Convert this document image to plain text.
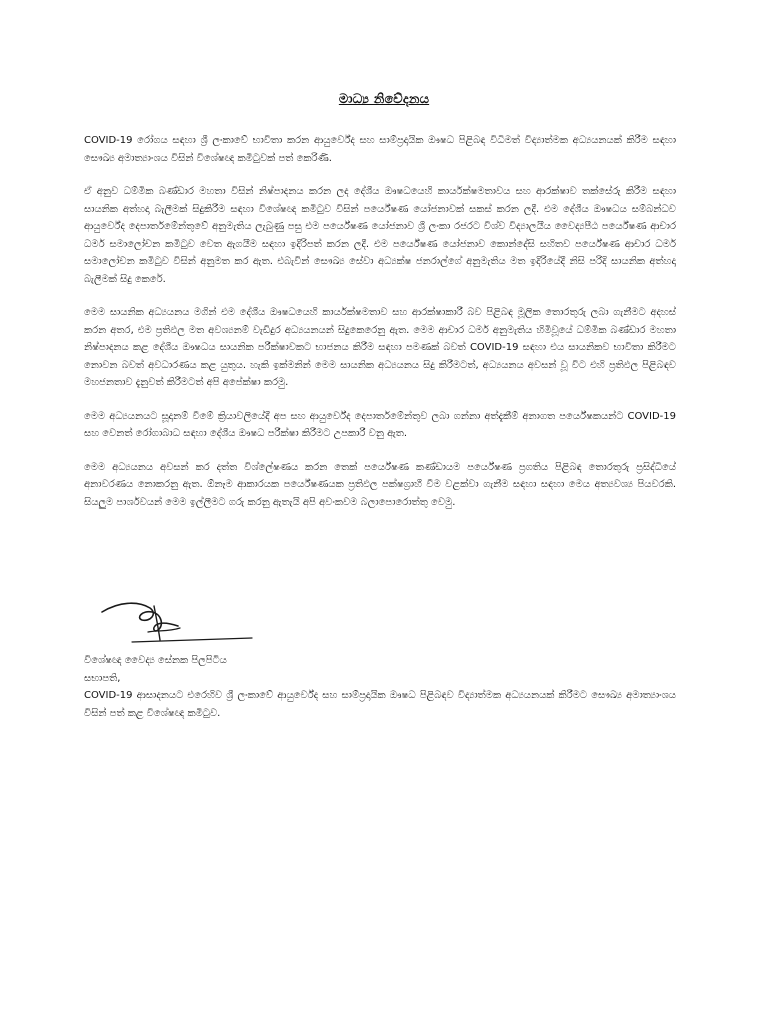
මාධ්‍ය නිවේදනය

COVID-19 රෝගය සඳහා ශ්‍රී ලංකාවේ භාවිතා කරන ආයුර්වේද සහ සාම්ප්‍රදායික ඖෂධ පිළිබඳ විධිමත් විද්‍යාත්මක අධ්‍යයනයක් කිරීම සඳහා සෞඛ්‍ය අමාත්‍යාංශය විසින් විශේෂඥ කමිටුවක් පත් කෙරිණි.

ඒ අනුව ධම්මික බණ්ඩාර මහතා විසින් නිෂ්පාදනය කරන ලද දේශීය ඖෂධයෙහි කාර්යක්ෂමතාවය සහ ආරක්ෂාව තක්සේරු කිරීම සඳහා සායනික අත්හදා බැලීමක් සිදුකිරීම සඳහා විශේෂඥ කමිටුව විසින් පර්යේෂණ යෝජනාවක් සකස් කරන ලදී. එම දේශීය ඖෂධය සම්බන්ධව ආයුර්වේද දෙපාර්තමේන්තුවේ අනුමැතිය ලැබුණු පසු එම පර්යේෂණ යෝජනාව ශ්‍රී ලංකා රජරට විශ්ව විද්‍යාලයීය වෛද්‍යපීඨ පර්යේෂණ ආචාර ධර්ම සමාලෝචන කමිටුව වෙත ඇගයීම සඳහා ඉදිරිපත් කරන ලදී. එම පර්යේෂණ යෝජනාව කොන්දේසි සහිතව පර්යේෂණ ආචාර ධර්ම සමාලෝචන කමිටුව විසින් අනුමත කර ඇත. එබැවින් සෞඛ්‍ය සේවා අධ්‍යක්ෂ ජනරාල්ගේ අනුමැතිය මත ඉදිරියේදී නිසි පරිදි සායනික අත්හදා බැලීමක් සිදු කෙරේ.

මෙම සායනික අධ්‍යයනය මගින් එම දේශීය ඖෂධයෙහි කාර්යක්ෂමතාව සහ ආරක්ෂාකාරී බව පිළිබඳ මූලික තොරතුරු ලබා ගැනීමට අදහස් කරන අතර, එම ප්‍රතිඵල මත අවශ්‍යනම් වැඩිදුර අධ්‍යයනයන් සිදුකෙරෙනු ඇත. මෙම ආචාර ධර්ම අනුමැතිය හිමිවූයේ ධම්මික බණ්ඩාර මහතා නිෂ්පාදනය කළ දේශීය ඖෂධය සායනික පරීක්ෂාවකට භාජනය කිරීම සඳහා පමණක් බවත් COVID-19 සඳහා එය සායනිකව භාවිතා කිරීමට නොවන බවත් අවධාරණය කළ යුතුය. හැකි ඉක්මනින් මෙම සායනික අධ්‍යයනය සිදු කිරීමටත්, අධ්‍යයනය අවසන් වූ විට එහි ප්‍රතිඵල පිළිබඳව මහජනතාව දැනුවත් කිරීමටත් අපි අපේක්ෂා කරමු.

මෙම අධ්‍යයනයට සූදානම් වීමේ ක්‍රියාවලියේදී අප සහ ආයුර්වේද දෙපාර්තමේන්තුව ලබා ගන්නා අත්දැකීම් අනාගත පර්යේෂකයන්ට COVID-19 සහ වෙනත් රෝගාබාධ සඳහා දේශීය ඖෂධ පරීක්ෂා කිරීමට උපකාරී වනු ඇත.

මෙම අධ්‍යයනය අවසන් කර දත්ත විශ්ලේෂණය කරන තෙක් පර්යේෂණ කණ්ඩායම පර්යේෂණ ප්‍රගතිය පිළිබඳ තොරතුරු ප්‍රසිද්ධියේ අනාවරණය නොකරනු ඇත. ඕනෑම ආකාරයක පර්යේෂණයක ප්‍රතිඵල පක්ෂග්‍රාහී වීම වළක්වා ගැනීම සඳහා සඳහා මෙය අත්‍යවශ්‍ය පියවරකි. සියලුම පාර්ශවයන් මෙම ඉල්ලීමට ගරු කරනු ඇතැයි අපි අවංකවම බලාපොරොත්තු වෙමු.

විශේෂඥ වෛද්‍ය සේනක පිලපිටිය

සභාපති,

COVID-19 ආසාදනයට එරෙහිව ශ්‍රී ලංකාවේ ආයුර්වේද සහ සාම්ප්‍රදායික ඖෂධ පිළිබඳව විද්‍යාත්මක අධ්‍යයනයක් කිරීමට සෞඛ්‍ය අමාත්‍යාංශය විසින් පත් කළ විශේෂඥ කමිටුව.
